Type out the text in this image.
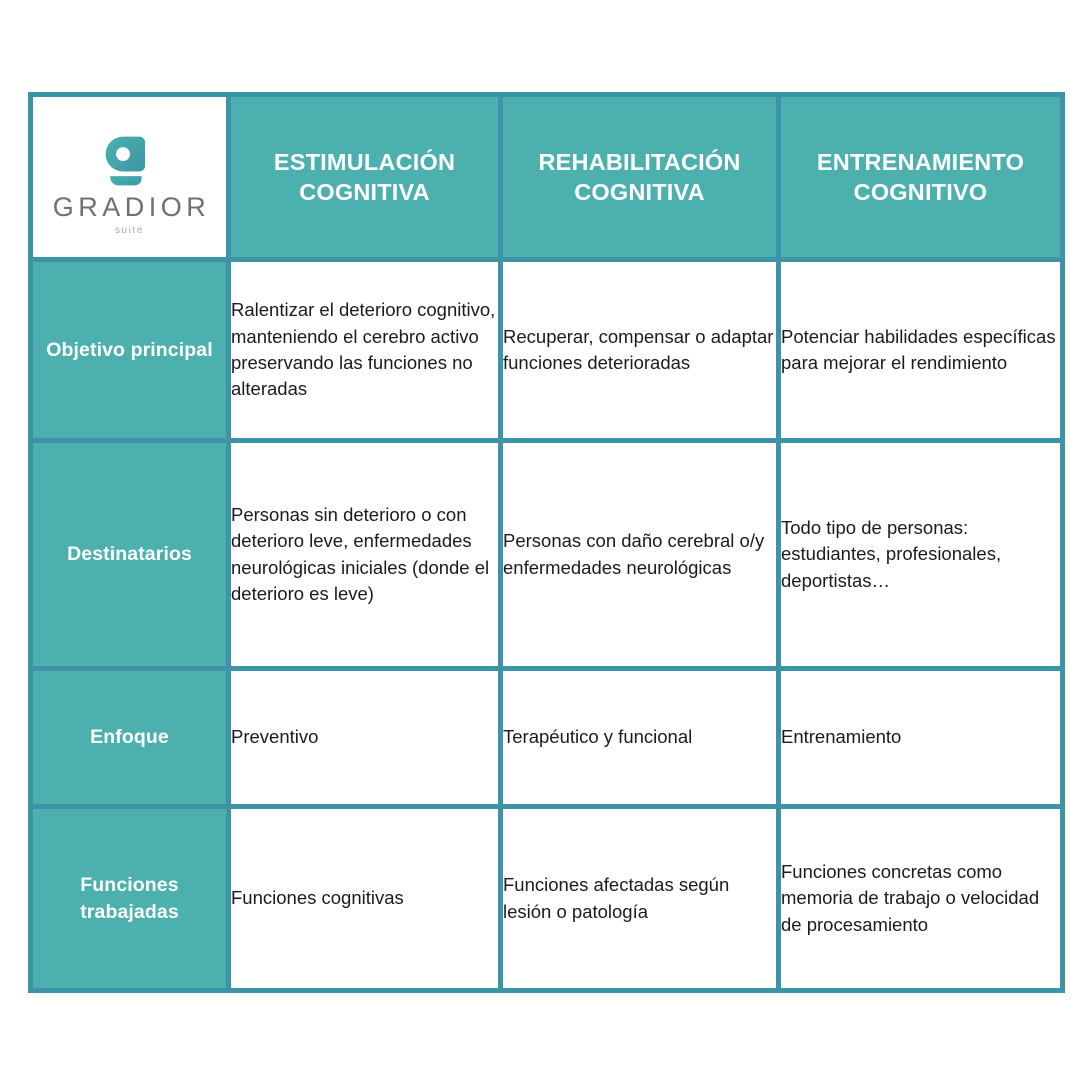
GRADIOR
suite	ESTIMULACIÓN COGNITIVA	REHABILITACIÓN COGNITIVA	ENTRENAMIENTO COGNITIVO
Objetivo principal	Ralentizar el deterioro cognitivo, manteniendo el cerebro activo preservando las funciones no alteradas	Recuperar, compensar o adaptar funciones deterioradas	Potenciar habilidades específicas para mejorar el rendimiento
Destinatarios	Personas sin deterioro o con deterioro leve, enfermedades neurológicas iniciales (donde el deterioro es leve)	Personas con daño cerebral o/y enfermedades neurológicas	Todo tipo de personas: estudiantes, profesionales, deportistas…
Enfoque	Preventivo	Terapéutico y funcional	Entrenamiento
Funciones trabajadas	Funciones cognitivas	Funciones afectadas según lesión o patología	Funciones concretas como memoria de trabajo o velocidad de procesamiento
